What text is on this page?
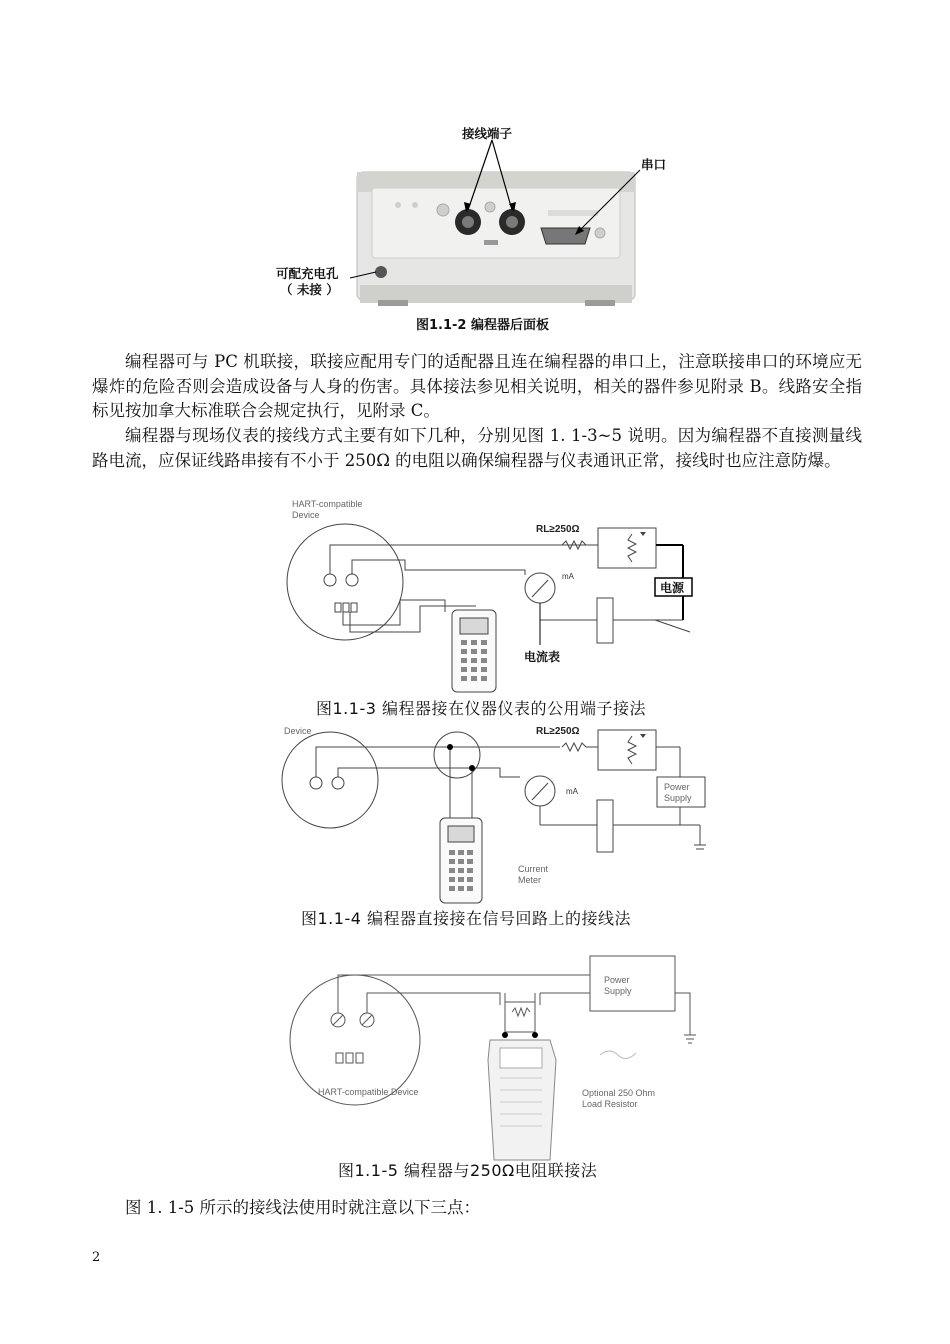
接线端子
串口
可配充电孔
（ 未接 ）
图1.1-2 编程器后面板

编程器可与 PC 机联接，联接应配用专门的适配器且连在编程器的串口上，注意联接串口的环境应无爆炸的危险否则会造成设备与人身的伤害。具体接法参见相关说明，相关的器件参见附录 B。线路安全指标见按加拿大标准联合会规定执行，见附录 C。

编程器与现场仪表的接线方式主要有如下几种，分别见图 1. 1-3~5 说明。因为编程器不直接测量线路电流，应保证线路串接有不小于 250Ω 的电阻以确保编程器与仪表通讯正常，接线时也应注意防爆。

HART-compatible
Device
RL≥250Ω
mA
电源
电流表
图1.1-3 编程器接在仪器仪表的公用端子接法
Device	RL≥250Ω
mA	Power
Supply
Current
Meter
图1.1-4 编程器直接接在信号回路上的接线法
Power
Supply
HART-compatible Device	Optional 250 Ohm
Load Resistor
图1.1-5 编程器与250Ω电阻联接法

图 1. 1-5 所示的接线法使用时就注意以下三点：

2
